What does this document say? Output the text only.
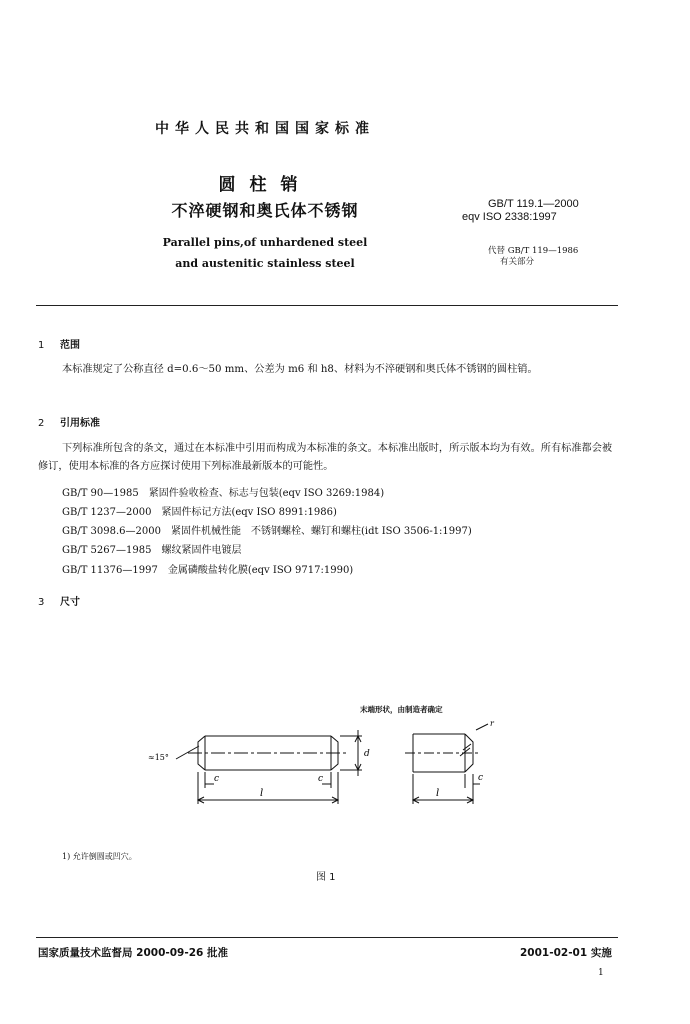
中华人民共和国国家标准
圆柱销
不淬硬钢和奥氏体不锈钢
Parallel pins,of unhardened steel
and austenitic stainless steel
GB/T 119.1—2000
eqv ISO 2338:1997
代替 GB/T 119—1986
有关部分
1 范围
本标准规定了公称直径 d=0.6～50 mm、公差为 m6 和 h8、材料为不淬硬钢和奥氏体不锈钢的圆柱销。
2 引用标准
下列标准所包含的条文，通过在本标准中引用而构成为本标准的条文。本标准出版时，所示版本均为有效。所有标准都会被修订，使用本标准的各方应探讨使用下列标准最新版本的可能性。
GB/T 90—1985　紧固件验收检查、标志与包装(eqv ISO 3269:1984)
GB/T 1237—2000　紧固件标记方法(eqv ISO 8991:1986)
GB/T 3098.6—2000　紧固件机械性能　不锈钢螺栓、螺钉和螺柱(idt ISO 3506-1:1997)
GB/T 5267—1985　螺纹紧固件电镀层
GB/T 11376—1997　金属磷酸盐转化膜(eqv ISO 9717:1990)
3 尺寸
末端形状，由制造者确定
≈15°
c	c
l
d
r
c
l
1) 允许倒圆或凹穴。
图 1
国家质量技术监督局 2000-09-26 批准	2001-02-01 实施
1
